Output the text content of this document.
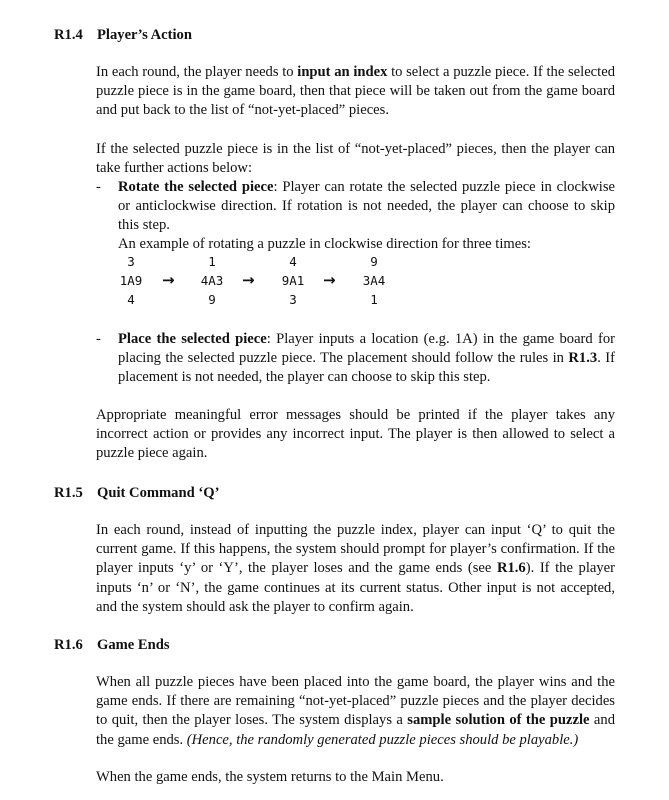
R1.4 Player’s Action

In each round, the player needs to input an index to select a puzzle piece. If the selected puzzle piece is in the game board, then that piece will be taken out from the game board and put back to the list of “not-yet-placed” pieces.

If the selected puzzle piece is in the list of “not-yet-placed” pieces, then the player can take further actions below:

- Rotate the selected piece: Player can rotate the selected puzzle piece in clockwise or anticlockwise direction. If rotation is not needed, the player can choose to skip this step.
An example of rotating a puzzle in clockwise direction for three times:
3
1A9
4
→
1
4A3
9
→
4
9A1
3
→
9
3A4
1
- Place the selected piece: Player inputs a location (e.g. 1A) in the game board for placing the selected puzzle piece. The placement should follow the rules in R1.3. If placement is not needed, the player can choose to skip this step.

Appropriate meaningful error messages should be printed if the player takes any incorrect action or provides any incorrect input. The player is then allowed to select a puzzle piece again.

R1.5 Quit Command ‘Q’

In each round, instead of inputting the puzzle index, player can input ‘Q’ to quit the current game. If this happens, the system should prompt for player’s confirmation. If the player inputs ‘y’ or ‘Y’, the player loses and the game ends (see R1.6). If the player inputs ‘n’ or ‘N’, the game continues at its current status. Other input is not accepted, and the system should ask the player to confirm again.

R1.6 Game Ends

When all puzzle pieces have been placed into the game board, the player wins and the game ends. If there are remaining “not-yet-placed” puzzle pieces and the player decides to quit, then the player loses. The system displays a sample solution of the puzzle and the game ends. (Hence, the randomly generated puzzle pieces should be playable.)

When the game ends, the system returns to the Main Menu.
